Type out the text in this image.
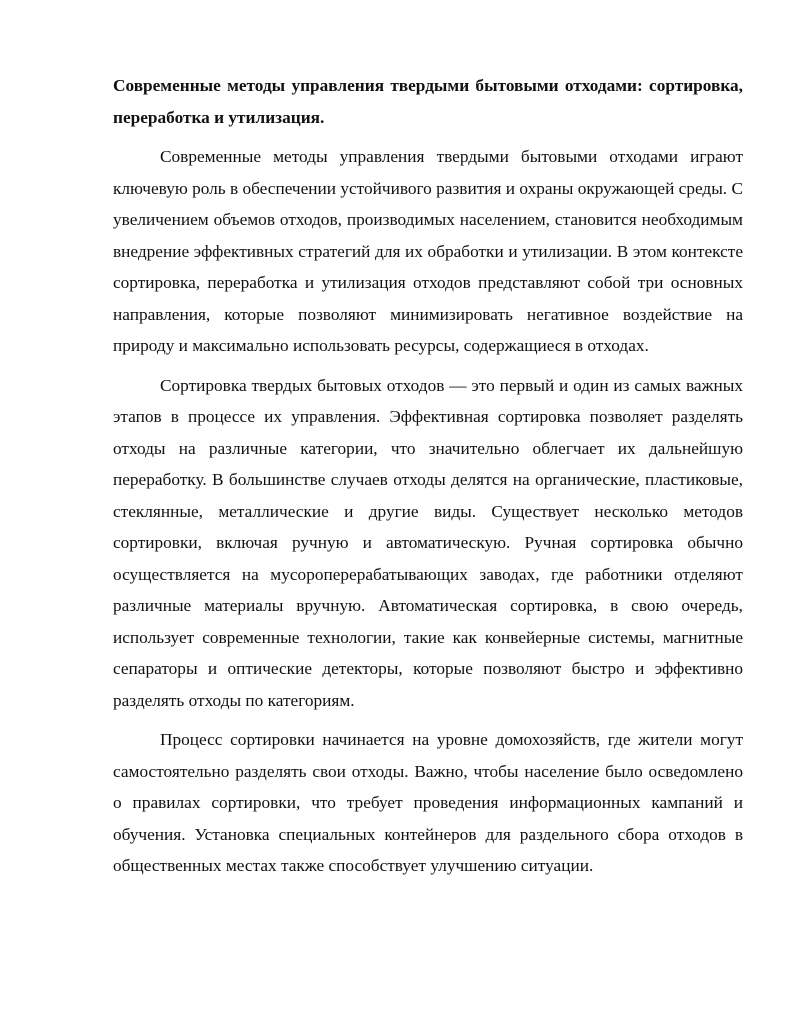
Современные методы управления твердыми бытовыми отходами: сортировка, переработка и утилизация.

Современные методы управления твердыми бытовыми отходами играют ключевую роль в обеспечении устойчивого развития и охраны окружающей среды. С увеличением объемов отходов, производимых населением, становится необходимым внедрение эффективных стратегий для их обработки и утилизации. В этом контексте сортировка, переработка и утилизация отходов представляют собой три основных направления, которые позволяют минимизировать негативное воздействие на природу и максимально использовать ресурсы, содержащиеся в отходах.

Сортировка твердых бытовых отходов — это первый и один из самых важных этапов в процессе их управления. Эффективная сортировка позволяет разделять отходы на различные категории, что значительно облегчает их дальнейшую переработку. В большинстве случаев отходы делятся на органические, пластиковые, стеклянные, металлические и другие виды. Существует несколько методов сортировки, включая ручную и автоматическую. Ручная сортировка обычно осуществляется на мусороперерабатывающих заводах, где работники отделяют различные материалы вручную. Автоматическая сортировка, в свою очередь, использует современные технологии, такие как конвейерные системы, магнитные сепараторы и оптические детекторы, которые позволяют быстро и эффективно разделять отходы по категориям.

Процесс сортировки начинается на уровне домохозяйств, где жители могут самостоятельно разделять свои отходы. Важно, чтобы население было осведомлено о правилах сортировки, что требует проведения информационных кампаний и обучения. Установка специальных контейнеров для раздельного сбора отходов в общественных местах также способствует улучшению ситуации.
